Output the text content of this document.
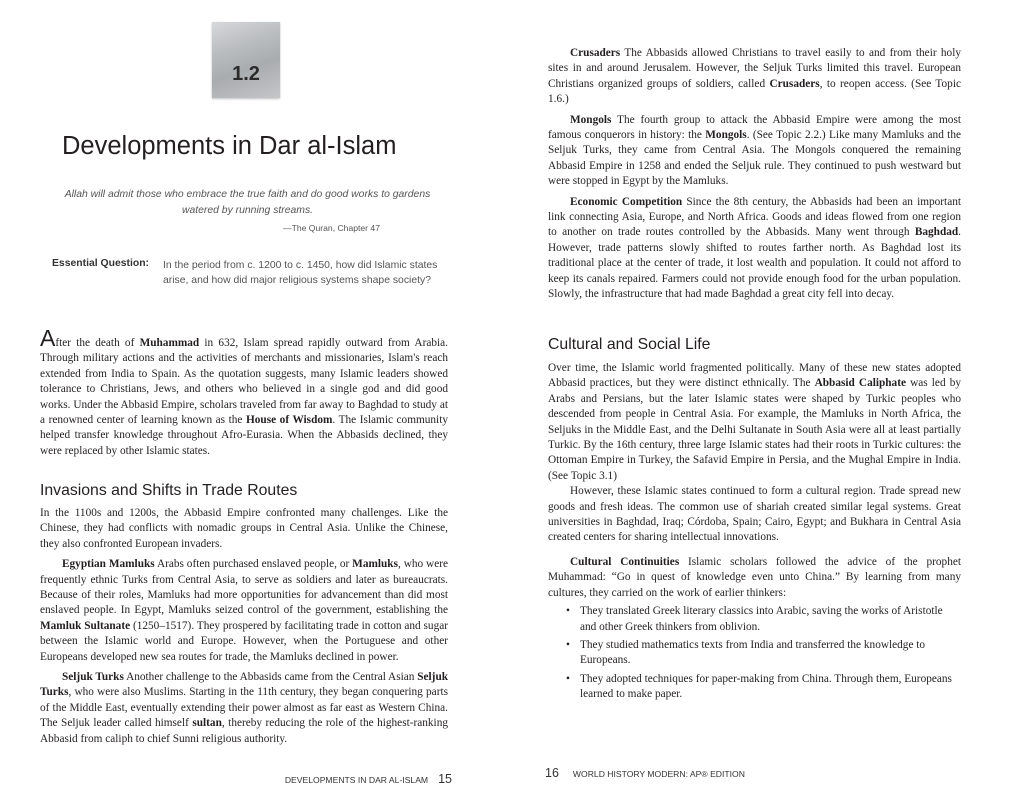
1.2
Developments in Dar al-Islam
Allah will admit those who embrace the true faith and do good works to gardens watered by running streams.
—The Quran, Chapter 47
Essential Question: In the period from c. 1200 to c. 1450, how did Islamic states arise, and how did major religious systems shape society?

After the death of Muhammad in 632, Islam spread rapidly outward from Arabia. Through military actions and the activities of merchants and missionaries, Islam's reach extended from India to Spain. As the quotation suggests, many Islamic leaders showed tolerance to Christians, Jews, and others who believed in a single god and did good works. Under the Abbasid Empire, scholars traveled from far away to Baghdad to study at a renowned center of learning known as the House of Wisdom. The Islamic community helped transfer knowledge throughout Afro-Eurasia. When the Abbasids declined, they were replaced by other Islamic states.

Invasions and Shifts in Trade Routes

In the 1100s and 1200s, the Abbasid Empire confronted many challenges. Like the Chinese, they had conflicts with nomadic groups in Central Asia. Unlike the Chinese, they also confronted European invaders.

Egyptian Mamluks Arabs often purchased enslaved people, or Mamluks, who were frequently ethnic Turks from Central Asia, to serve as soldiers and later as bureaucrats. Because of their roles, Mamluks had more opportunities for advancement than did most enslaved people. In Egypt, Mamluks seized control of the government, establishing the Mamluk Sultanate (1250–1517). They prospered by facilitating trade in cotton and sugar between the Islamic world and Europe. However, when the Portuguese and other Europeans developed new sea routes for trade, the Mamluks declined in power.

Seljuk Turks Another challenge to the Abbasids came from the Central Asian Seljuk Turks, who were also Muslims. Starting in the 11th century, they began conquering parts of the Middle East, eventually extending their power almost as far east as Western China. The Seljuk leader called himself sultan, thereby reducing the role of the highest-ranking Abbasid from caliph to chief Sunni religious authority.

DEVELOPMENTS IN DAR AL-ISLAM 15

Crusaders The Abbasids allowed Christians to travel easily to and from their holy sites in and around Jerusalem. However, the Seljuk Turks limited this travel. European Christians organized groups of soldiers, called Crusaders, to reopen access. (See Topic 1.6.)

Mongols The fourth group to attack the Abbasid Empire were among the most famous conquerors in history: the Mongols. (See Topic 2.2.) Like many Mamluks and the Seljuk Turks, they came from Central Asia. The Mongols conquered the remaining Abbasid Empire in 1258 and ended the Seljuk rule. They continued to push westward but were stopped in Egypt by the Mamluks.

Economic Competition Since the 8th century, the Abbasids had been an important link connecting Asia, Europe, and North Africa. Goods and ideas flowed from one region to another on trade routes controlled by the Abbasids. Many went through Baghdad. However, trade patterns slowly shifted to routes farther north. As Baghdad lost its traditional place at the center of trade, it lost wealth and population. It could not afford to keep its canals repaired. Farmers could not provide enough food for the urban population. Slowly, the infrastructure that had made Baghdad a great city fell into decay.

Cultural and Social Life

Over time, the Islamic world fragmented politically. Many of these new states adopted Abbasid practices, but they were distinct ethnically. The Abbasid Caliphate was led by Arabs and Persians, but the later Islamic states were shaped by Turkic peoples who descended from people in Central Asia. For example, the Mamluks in North Africa, the Seljuks in the Middle East, and the Delhi Sultanate in South Asia were all at least partially Turkic. By the 16th century, three large Islamic states had their roots in Turkic cultures: the Ottoman Empire in Turkey, the Safavid Empire in Persia, and the Mughal Empire in India. (See Topic 3.1)

However, these Islamic states continued to form a cultural region. Trade spread new goods and fresh ideas. The common use of shariah created similar legal systems. Great universities in Baghdad, Iraq; Córdoba, Spain; Cairo, Egypt; and Bukhara in Central Asia created centers for sharing intellectual innovations.

Cultural Continuities Islamic scholars followed the advice of the prophet Muhammad: “Go in quest of knowledge even unto China.” By learning from many cultures, they carried on the work of earlier thinkers:

• They translated Greek literary classics into Arabic, saving the works of Aristotle and other Greek thinkers from oblivion.
• They studied mathematics texts from India and transferred the knowledge to Europeans.
• They adopted techniques for paper-making from China. Through them, Europeans learned to make paper.
16 WORLD HISTORY MODERN: AP® EDITION
